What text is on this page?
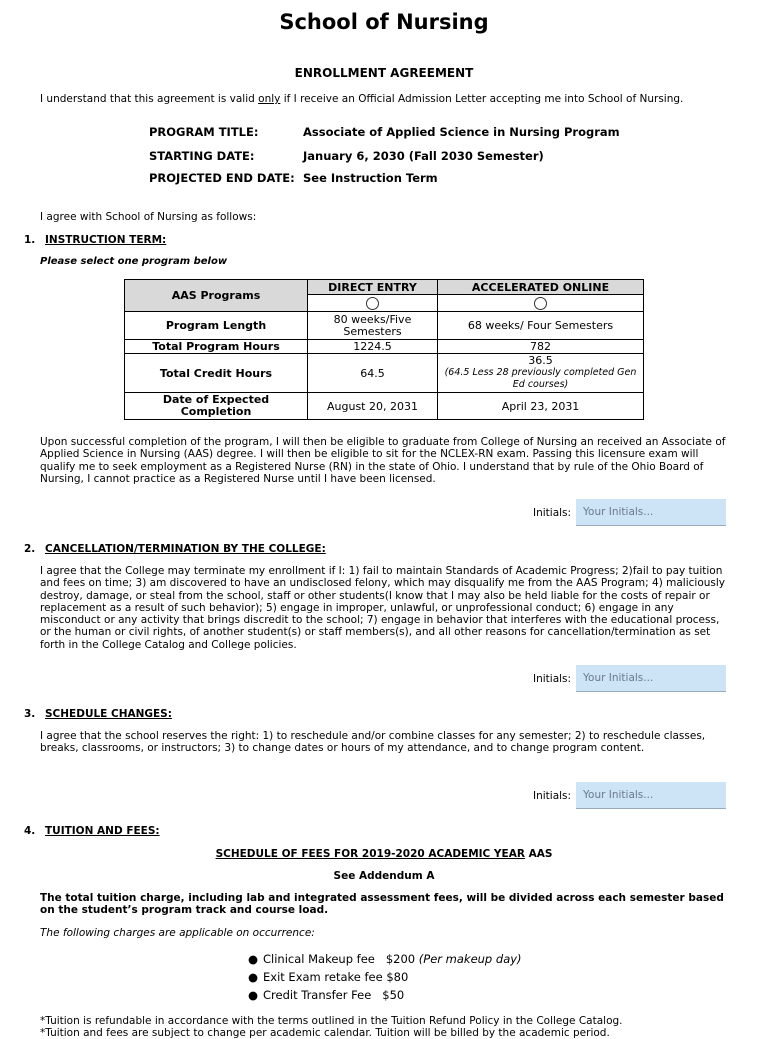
School of Nursing
ENROLLMENT AGREEMENT
I understand that this agreement is valid only if I receive an Official Admission Letter accepting me into School of Nursing.
PROGRAM TITLE:	Associate of Applied Science in Nursing Program
STARTING DATE:	January 6, 2030 (Fall 2030 Semester)
PROJECTED END DATE: See Instruction Term
I agree with School of Nursing as follows:
1. INSTRUCTION TERM:
Please select one program below
AAS Programs	DIRECT ENTRY	ACCELERATED ONLINE

Program Length	80 weeks/Five Semesters	68 weeks/ Four Semesters
Total Program Hours	1224.5	782
Total Credit Hours	64.5	36.5
(64.5 Less 28 previously completed Gen Ed courses)

Date of Expected Completion	August 20, 2031	April 23, 2031
Upon successful completion of the program, I will then be eligible to graduate from College of Nursing an received an Associate of Applied Science in Nursing (AAS) degree. I will then be eligible to sit for the NCLEX-RN exam. Passing this licensure exam will qualify me to seek employment as a Registered Nurse (RN) in the state of Ohio. I understand that by rule of the Ohio Board of Nursing, I cannot practice as a Registered Nurse until I have been licensed.
Initials:
Your Initials...
2. CANCELLATION/TERMINATION BY THE COLLEGE:
I agree that the College may terminate my enrollment if I: 1) fail to maintain Standards of Academic Progress; 2)fail to pay tuition and fees on time; 3) am discovered to have an undisclosed felony, which may disqualify me from the AAS Program; 4) maliciously destroy, damage, or steal from the school, staff or other students(I know that I may also be held liable for the costs of repair or replacement as a result of such behavior); 5) engage in improper, unlawful, or unprofessional conduct; 6) engage in any misconduct or any activity that brings discredit to the school; 7) engage in behavior that interferes with the educational process, or the human or civil rights, of another student(s) or staff members(s), and all other reasons for cancellation/termination as set forth in the College Catalog and College policies.
Initials:
Your Initials...
3. SCHEDULE CHANGES:
I agree that the school reserves the right: 1) to reschedule and/or combine classes for any semester; 2) to reschedule classes, breaks, classrooms, or instructors; 3) to change dates or hours of my attendance, and to change program content.
Initials:
Your Initials...
4. TUITION AND FEES:
SCHEDULE OF FEES FOR 2019-2020 ACADEMIC YEAR AAS
See Addendum A
The total tuition charge, including lab and integrated assessment fees, will be divided across each semester based on the student’s program track and course load.
The following charges are applicable on occurrence:
● Clinical Makeup fee $200 (Per makeup day)
● Exit Exam retake fee $80
● Credit Transfer Fee $50
*Tuition is refundable in accordance with the terms outlined in the Tuition Refund Policy in the College Catalog.
*Tuition and fees are subject to change per academic calendar. Tuition will be billed by the academic period.
